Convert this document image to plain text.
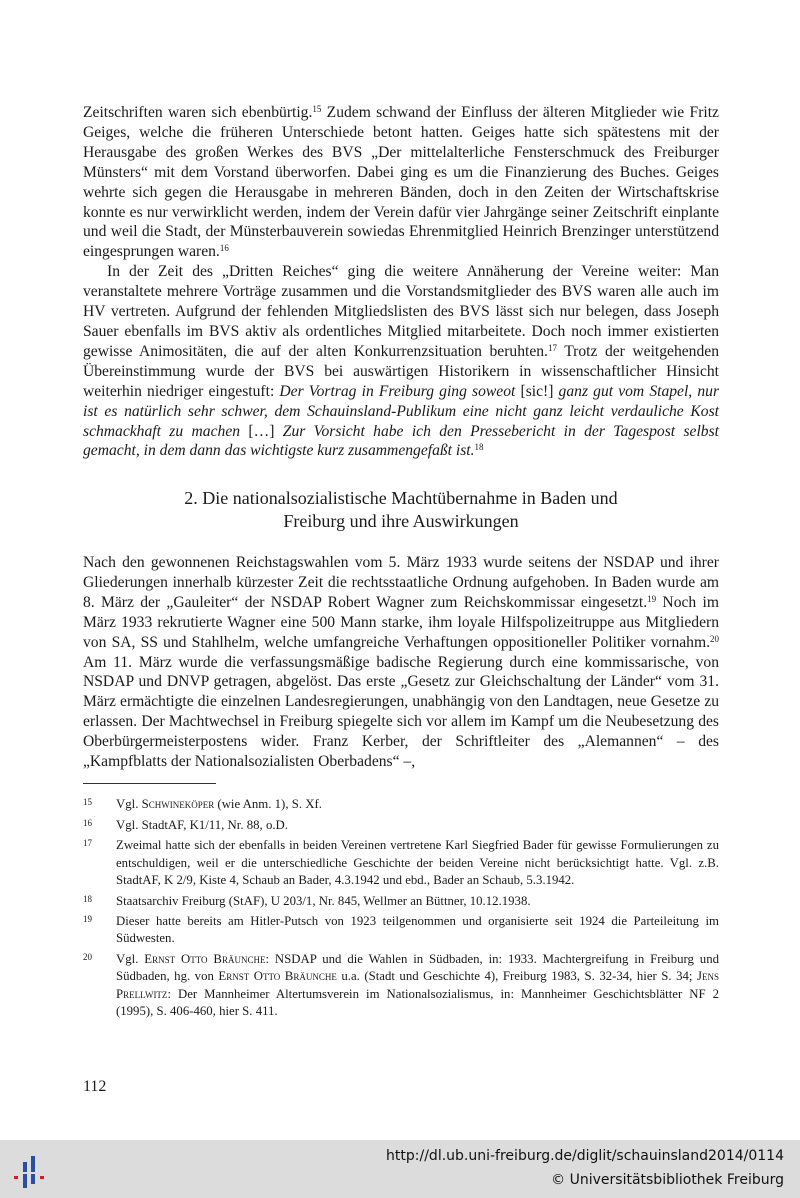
Zeitschriften waren sich ebenbürtig.$^{15}$ Zudem schwand der Einfluss der älteren Mitglieder wie Fritz Geiges, welche die früheren Unterschiede betont hatten. Geiges hatte sich spätestens mit der Herausgabe des großen Werkes des BVS „Der mittelalterliche Fensterschmuck des Freiburger Münsters“ mit dem Vorstand überworfen. Dabei ging es um die Finanzierung des Buches. Geiges wehrte sich gegen die Herausgabe in mehreren Bänden, doch in den Zeiten der Wirtschaftskrise konnte es nur verwirklicht werden, indem der Verein dafür vier Jahrgänge seiner Zeitschrift einplante und weil die Stadt, der Münsterbauverein sowiedas Ehrenmitglied Heinrich Brenzinger unterstützend eingesprungen waren.$^{16}$

In der Zeit des „Dritten Reiches“ ging die weitere Annäherung der Vereine weiter: Man veranstaltete mehrere Vorträge zusammen und die Vorstandsmitglieder des BVS waren alle auch im HV vertreten. Aufgrund der fehlenden Mitgliedslisten des BVS lässt sich nur belegen, dass Joseph Sauer ebenfalls im BVS aktiv als ordentliches Mitglied mitarbeitete. Doch noch immer existierten gewisse Animositäten, die auf der alten Konkurrenzsituation beruhten.$^{17}$ Trotz der weitgehenden Übereinstimmung wurde der BVS bei auswärtigen Historikern in wissenschaftlicher Hinsicht weiterhin niedriger eingestuft: Der Vortrag in Freiburg ging soweot [sic!] ganz gut vom Stapel, nur ist es natürlich sehr schwer, dem Schauinsland-Publikum eine nicht ganz leicht verdauliche Kost schmackhaft zu machen […] Zur Vorsicht habe ich den Pressebericht in der Tagespost selbst gemacht, in dem dann das wichtigste kurz zusammengefaßt ist.$^{18}$

2. Die nationalsozialistische Machtübernahme in Baden und
Freiburg und ihre Auswirkungen

Nach den gewonnenen Reichstagswahlen vom 5. März 1933 wurde seitens der NSDAP und ihrer Gliederungen innerhalb kürzester Zeit die rechtsstaatliche Ordnung aufgehoben. In Baden wurde am 8. März der „Gauleiter“ der NSDAP Robert Wagner zum Reichskommissar eingesetzt.$^{19}$ Noch im März 1933 rekrutierte Wagner eine 500 Mann starke, ihm loyale Hilfspolizeitruppe aus Mitgliedern von SA, SS und Stahlhelm, welche umfangreiche Verhaftungen oppositioneller Politiker vornahm.$^{20}$ Am 11. März wurde die verfassungsmäßige badische Regierung durch eine kommissarische, von NSDAP und DNVP getragen, abgelöst. Das erste „Gesetz zur Gleichschaltung der Länder“ vom 31. März ermächtigte die einzelnen Landesregierungen, unabhängig von den Landtagen, neue Gesetze zu erlassen. Der Machtwechsel in Freiburg spiegelte sich vor allem im Kampf um die Neubesetzung des Oberbürgermeisterpostens wider. Franz Kerber, der Schriftleiter des „Alemannen“ – des „Kampfblatts der Nationalsozialisten Oberbadens“ –,

15	Vgl. Schwineköper (wie Anm. 1), S. Xf.
16	Vgl. StadtAF, K1/11, Nr. 88, o.D.
17	Zweimal hatte sich der ebenfalls in beiden Vereinen vertretene Karl Siegfried Bader für gewisse Formulierungen zu entschuldigen, weil er die unterschiedliche Geschichte der beiden Vereine nicht berücksichtigt hatte. Vgl. z.B. StadtAF, K 2/9, Kiste 4, Schaub an Bader, 4.3.1942 und ebd., Bader an Schaub, 5.3.1942.
18	Staatsarchiv Freiburg (StAF), U 203/1, Nr. 845, Wellmer an Büttner, 10.12.1938.
19	Dieser hatte bereits am Hitler-Putsch von 1923 teilgenommen und organisierte seit 1924 die Parteileitung im Südwesten.
20	Vgl. Ernst Otto Bräunche: NSDAP und die Wahlen in Südbaden, in: 1933. Machtergreifung in Freiburg und Südbaden, hg. von Ernst Otto Bräunche u.a. (Stadt und Geschichte 4), Freiburg 1983, S. 32-34, hier S. 34; Jens Prellwitz: Der Mannheimer Altertumsverein im Nationalsozialismus, in: Mannheimer Geschichtsblätter NF 2 (1995), S. 406-460, hier S. 411.
112
http://dl.ub.uni-freiburg.de/diglit/schauinsland2014/0114
© Universitätsbibliothek Freiburg
